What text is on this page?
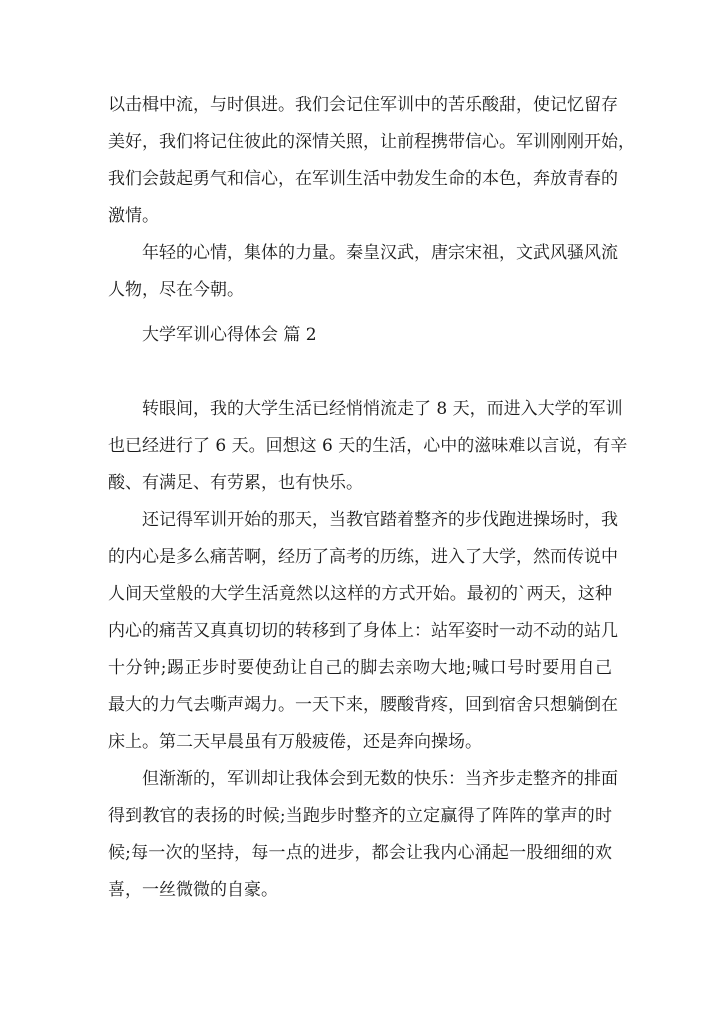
以击楫中流，与时俱进。我们会记住军训中的苦乐酸甜，使记忆留存
美好，我们将记住彼此的深情关照，让前程携带信心。军训刚刚开始，
我们会鼓起勇气和信心，在军训生活中勃发生命的本色，奔放青春的
激情。
年轻的心情，集体的力量。秦皇汉武，唐宗宋祖，文武风骚风流
人物，尽在今朝。
大学军训心得体会 篇 2
转眼间，我的大学生活已经悄悄流走了 8 天，而进入大学的军训
也已经进行了 6 天。回想这 6 天的生活，心中的滋味难以言说，有辛
酸、有满足、有劳累，也有快乐。
还记得军训开始的那天，当教官踏着整齐的步伐跑进操场时，我
的内心是多么痛苦啊，经历了高考的历练，进入了大学，然而传说中
人间天堂般的大学生活竟然以这样的方式开始。最初的`两天，这种
内心的痛苦又真真切切的转移到了身体上：站军姿时一动不动的站几
十分钟;踢正步时要使劲让自己的脚去亲吻大地;喊口号时要用自己
最大的力气去嘶声竭力。一天下来，腰酸背疼，回到宿舍只想躺倒在
床上。第二天早晨虽有万般疲倦，还是奔向操场。
但渐渐的，军训却让我体会到无数的快乐：当齐步走整齐的排面
得到教官的表扬的时候;当跑步时整齐的立定赢得了阵阵的掌声的时
候;每一次的坚持，每一点的进步，都会让我内心涌起一股细细的欢
喜，一丝微微的自豪。
